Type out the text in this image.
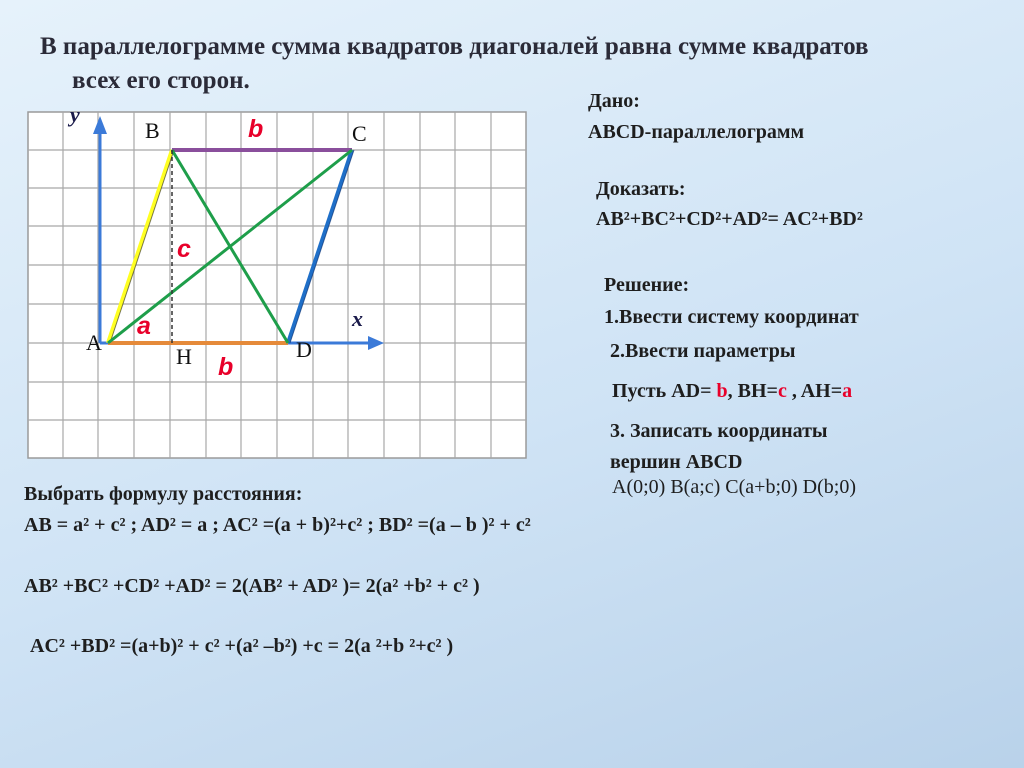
В параллелограмме сумма квадратов диагоналей равна сумме квадратов
всех его сторон.
y
x
B	C
A	D
H
b
c
a
b
Дано:
ABCD-параллелограмм
Доказать:
AB²+BC²+CD²+AD²= AC²+BD²
Решение:
1.Ввести систему координат
2.Ввести параметры
Пусть AD= b, BH=c , AH=a
3. Записать координаты
вершин ABCD
A(0;0) B(a;c) C(a+b;0) D(b;0)
Выбрать формулу расстояния:
AB = a² + c² ; AD² = a ; AC² =(a + b)²+c² ; BD² =(a – b )² + c²
AB² +BC² +CD² +AD² = 2(AB² + AD² )= 2(a² +b² + c² )
AC² +BD² =(a+b)² + c² +(a² –b²) +c = 2(a ²+b ²+c² )
